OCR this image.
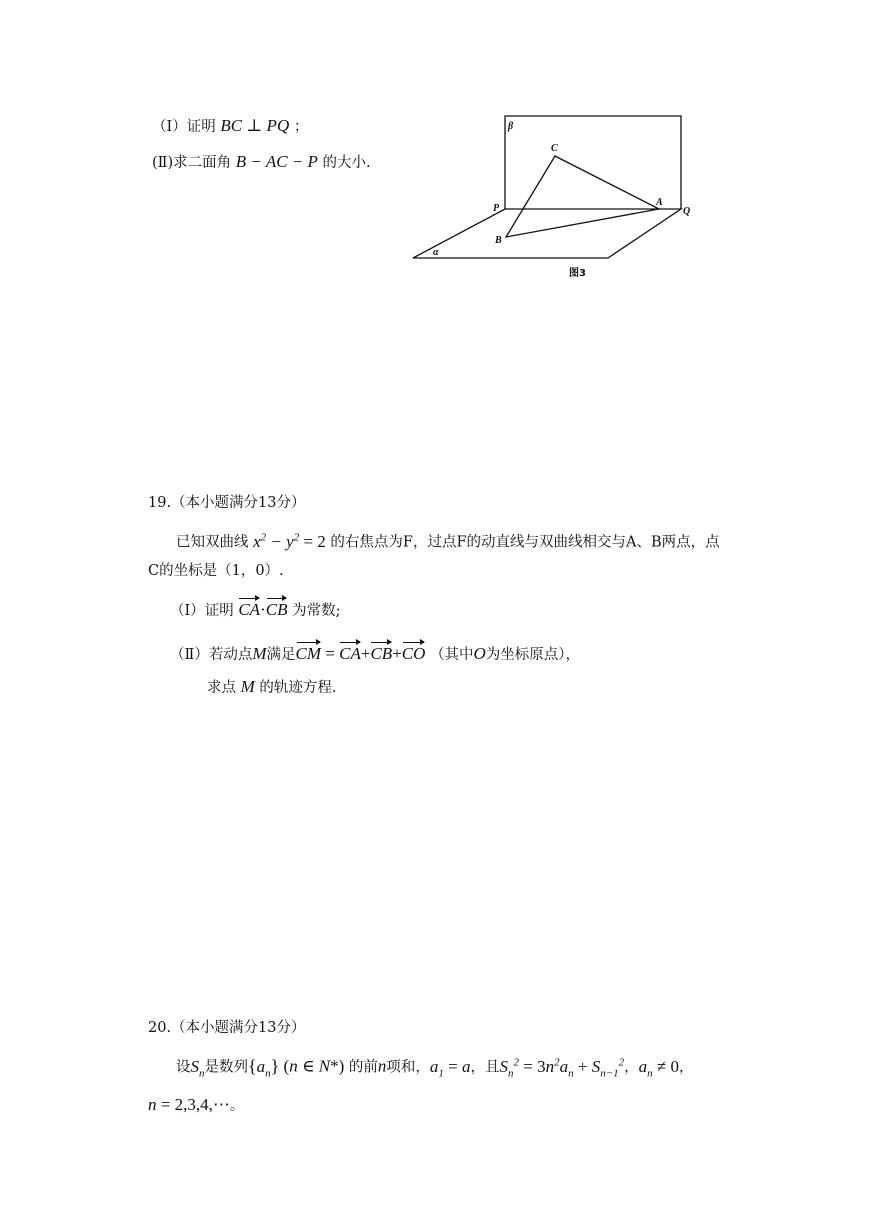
（Ⅰ）证明 BC ⊥ PQ ；
(Ⅱ)求二面角 B − AC − P 的大小.
β
C
P
A
Q
B
α
图3
19.（本小题满分13分）
已知双曲线 $x^2 - y^2 = 2$ 的右焦点为F，过点F的动直线与双曲线相交与A、B两点，点
C的坐标是（1，0）.
（Ⅰ）证明 CA·CB 为常数;
（Ⅱ）若动点M满足CM = CA+CB+CO （其中O为坐标原点），
求点 M 的轨迹方程.
20.（本小题满分13分）
设$S_n$是数列$\{a_n\}$ (n ∈ N*) 的前n项和，$a_1 = a$，且$S_n^2 = 3n^2a_n + S_{n-1}^2$，$a_n \ne 0$，
n = 2,3,4,⋯。
